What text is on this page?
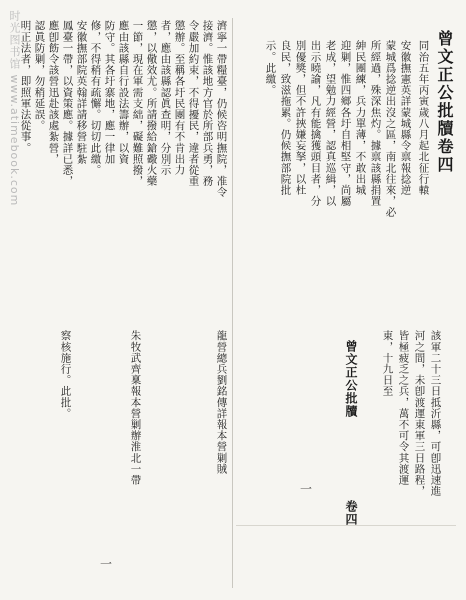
时光图书馆 www.atimebook.com	曾文正公批牘卷四
同治五年丙寅歲八月起北征行轅
安徽撫憲英詳蒙城縣令禀報捻逆
蒙城爲捻逆出沒之區，南北往來，必
所經過，殊深焦灼。據禀該縣捐置
紳民團練，兵力單薄，不敢出城
迎剿，惟四鄉各圩自相堅守，尚屬
老成，望勉力經營，認真巡緝，以
出示曉諭，凡有能擒獲頭目者，分
別優獎，但不許挾嫌妄拏，以杜
良民，致滋拖累。仍候撫部院批
示。此繳。
該軍二十三日抵沂縣，可卽迅速進
河之間，未卽渡運東軍三日路程，
皆極疲乏之兵，萬不可令其渡運
東，十九日至
曾文正公批牘
卷四
一
濟寧一帶糧臺，仍候咨明撫院，准令
接濟。惟該地方官於所部兵勇，務
令嚴加約束，不得擾民，違者從重
懲辦。至稱各圩民團有不肯出力
者，應由該縣認眞查明，分別示
懲，以儆效尤。所請撥給鎗礮火藥
一節，現在軍需支絀，礙難照撥，
應由該縣自行設法籌辦，以資
防守。其各圩寨地，應一律加
修，不得稍有疏懈。切切此繳。
安徽撫部院英翰詳請移營駐紮
鳳臺一帶，以資策應。據詳已悉，
應卽飭令該營迅赴該處紮營，
認眞防剿，勿稍延誤。
明正法者，即照軍法從事。
龍營總兵劉銘傳詳報本營剿賊
朱牧武齊稟報本營剿辦淮北一帶
察核施行。此批。
一
